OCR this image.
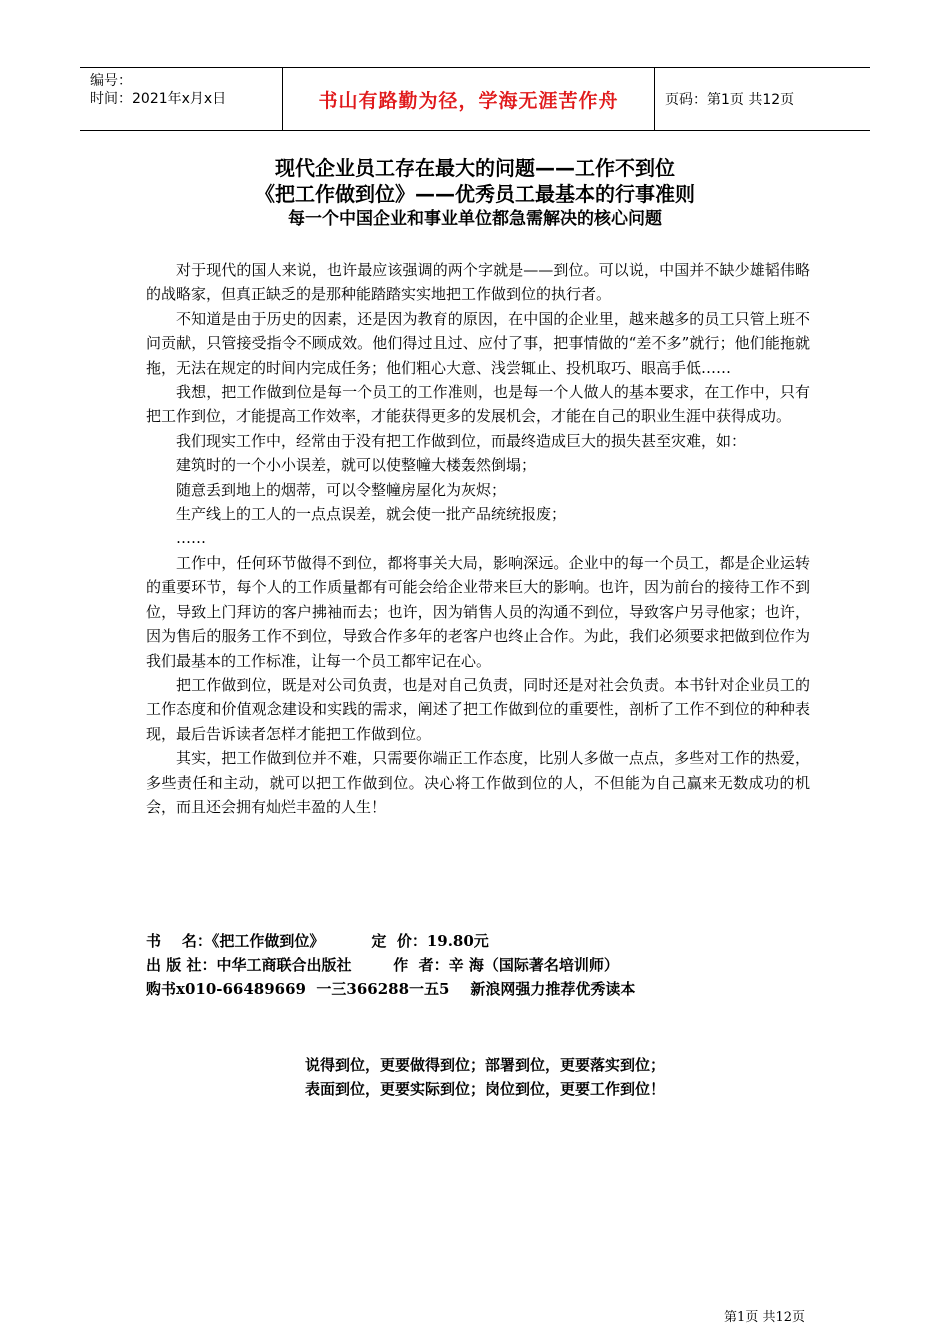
编号：
时间：2021年x月x日	书山有路勤为径，学海无涯苦作舟	页码：第1页 共12页
现代企业员工存在最大的问题——工作不到位
《把工作做到位》——优秀员工最基本的行事准则
每一个中国企业和事业单位都急需解决的核心问题

对于现代的国人来说，也许最应该强调的两个字就是——到位。可以说，中国并不缺少雄韬伟略的战略家，但真正缺乏的是那种能踏踏实实地把工作做到位的执行者。

不知道是由于历史的因素，还是因为教育的原因，在中国的企业里，越来越多的员工只管上班不问贡献，只管接受指令不顾成效。他们得过且过、应付了事，把事情做的“差不多”就行；他们能拖就拖，无法在规定的时间内完成任务；他们粗心大意、浅尝辄止、投机取巧、眼高手低……

我想，把工作做到位是每一个员工的工作准则，也是每一个人做人的基本要求，在工作中，只有把工作到位，才能提高工作效率，才能获得更多的发展机会，才能在自己的职业生涯中获得成功。

我们现实工作中，经常由于没有把工作做到位，而最终造成巨大的损失甚至灾难，如：

建筑时的一个小小误差，就可以使整幢大楼轰然倒塌；

随意丢到地上的烟蒂，可以令整幢房屋化为灰烬；

生产线上的工人的一点点误差，就会使一批产品统统报废；

……

工作中，任何环节做得不到位，都将事关大局，影响深远。企业中的每一个员工，都是企业运转的重要环节，每个人的工作质量都有可能会给企业带来巨大的影响。也许，因为前台的接待工作不到位，导致上门拜访的客户拂袖而去；也许，因为销售人员的沟通不到位，导致客户另寻他家；也许，因为售后的服务工作不到位，导致合作多年的老客户也终止合作。为此，我们必须要求把做到位作为我们最基本的工作标准，让每一个员工都牢记在心。

把工作做到位，既是对公司负责，也是对自己负责，同时还是对社会负责。本书针对企业员工的工作态度和价值观念建设和实践的需求，阐述了把工作做到位的重要性，剖析了工作不到位的种种表现，最后告诉读者怎样才能把工作做到位。

其实，把工作做到位并不难，只需要你端正工作态度，比别人多做一点点，多些对工作的热爱，多些责任和主动，就可以把工作做到位。决心将工作做到位的人，不但能为自己赢来无数成功的机会，而且还会拥有灿烂丰盈的人生！

书    名：《把工作做到位》         定  价：19.80元
出 版 社：中华工商联合出版社        作  者：辛 海（国际著名培训师）
购书x010-66489669  一三366288一五5    新浪网强力推荐优秀读本
说得到位，更要做得到位；部署到位，更要落实到位；
表面到位，更要实际到位；岗位到位，更要工作到位！
第1页 共12页
